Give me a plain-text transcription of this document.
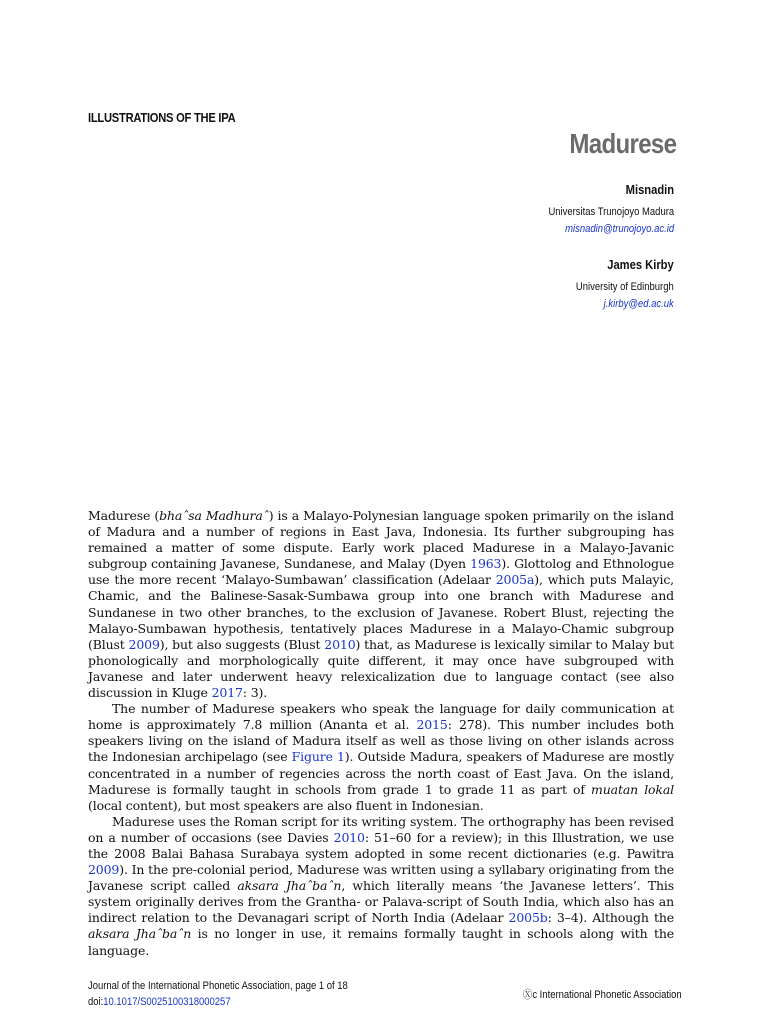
ILLUSTRATIONS OF THE IPA
Madurese
Misnadin
Universitas Trunojoyo Madura
misnadin@trunojoyo.ac.id
James Kirby
University of Edinburgh
j.kirby@ed.ac.uk

Madurese (bhaˆsa Madhuraˆ) is a Malayo-Polynesian language spoken primarily on the island of Madura and a number of regions in East Java, Indonesia. Its further subgrouping has remained a matter of some dispute. Early work placed Madurese in a Malayo-Javanic subgroup containing Javanese, Sundanese, and Malay (Dyen 1963). Glottolog and Ethnologue use the more recent ‘Malayo-Sumbawan’ classification (Adelaar 2005a), which puts Malayic, Chamic, and the Balinese-Sasak-Sumbawa group into one branch with Madurese and Sundanese in two other branches, to the exclusion of Javanese. Robert Blust, rejecting the Malayo-Sumbawan hypothesis, tentatively places Madurese in a Malayo-Chamic subgroup (Blust 2009), but also suggests (Blust 2010) that, as Madurese is lexically similar to Malay but phonologically and morphologically quite different, it may once have subgrouped with Javanese and later underwent heavy relexicalization due to language contact (see also discussion in Kluge 2017: 3).

The number of Madurese speakers who speak the language for daily communication at home is approximately 7.8 million (Ananta et al. 2015: 278). This number includes both speakers living on the island of Madura itself as well as those living on other islands across the Indonesian archipelago (see Figure 1). Outside Madura, speakers of Madurese are mostly concentrated in a number of regencies across the north coast of East Java. On the island, Madurese is formally taught in schools from grade 1 to grade 11 as part of muatan lokal (local content), but most speakers are also fluent in Indonesian.

Madurese uses the Roman script for its writing system. The orthography has been revised on a number of occasions (see Davies 2010: 51–60 for a review); in this Illustration, we use the 2008 Balai Bahasa Surabaya system adopted in some recent dictionaries (e.g. Pawitra 2009). In the pre-colonial period, Madurese was written using a syllabary originating from the Javanese script called aksara Jhaˆbaˆn, which literally means ‘the Javanese letters’. This system originally derives from the Grantha- or Palava-script of South India, which also has an indirect relation to the Devanagari script of North India (Adelaar 2005b: 3–4). Although the aksara Jhaˆbaˆn is no longer in use, it remains formally taught in schools along with the language.

Journal of the International Phonetic Association, page 1 of 18
doi:10.1017/S0025100318000257
Ⓧc International Phonetic Association
